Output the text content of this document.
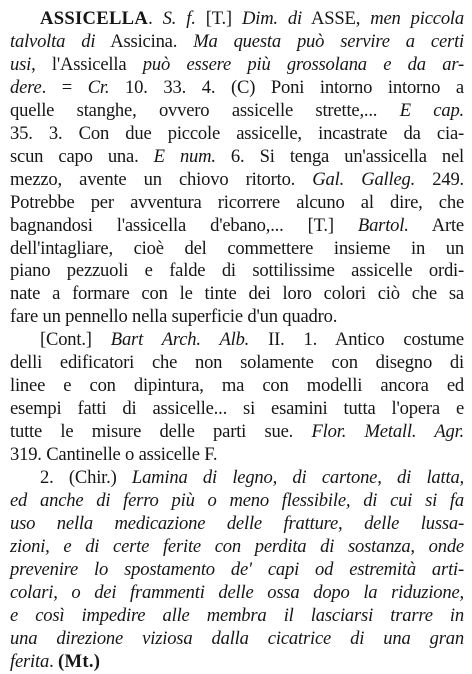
ASSICELLA. S. f. [T.] Dim. di ASSE, men piccola
talvolta di Assicina. Ma questa può servire a certi
usi, l'Assicella può essere più grossolana e da ar-
dere. = Cr. 10. 33. 4. (C) Poni intorno intorno a
quelle stanghe, ovvero assicelle strette,... E cap.
35. 3. Con due piccole assicelle, incastrate da cia-
scun capo una. E num. 6. Si tenga un'assicella nel
mezzo, avente un chiovo ritorto. Gal. Galleg. 249.
Potrebbe per avventura ricorrere alcuno al dire, che
bagnandosi l'assicella d'ebano,... [T.] Bartol. Arte
dell'intagliare, cioè del commettere insieme in un
piano pezzuoli e falde di sottilissime assicelle ordi-
nate a formare con le tinte dei loro colori ciò che sa
fare un pennello nella superficie d'un quadro.
[Cont.] Bart Arch. Alb. II. 1. Antico costume
delli edificatori che non solamente con disegno di
linee e con dipintura, ma con modelli ancora ed
esempi fatti di assicelle... si esamini tutta l'opera e
tutte le misure delle parti sue. Flor. Metall. Agr.
319. Cantinelle o assicelle F.
2. (Chir.) Lamina di legno, di cartone, di latta,
ed anche di ferro più o meno flessibile, di cui si fa
uso nella medicazione delle fratture, delle lussa-
zioni, e di certe ferite con perdita di sostanza, onde
prevenire lo spostamento de' capi od estremità arti-
colari, o dei frammenti delle ossa dopo la riduzione,
e così impedire alle membra il lasciarsi trarre in
una direzione viziosa dalla cicatrice di una gran
ferita. (Mt.)
